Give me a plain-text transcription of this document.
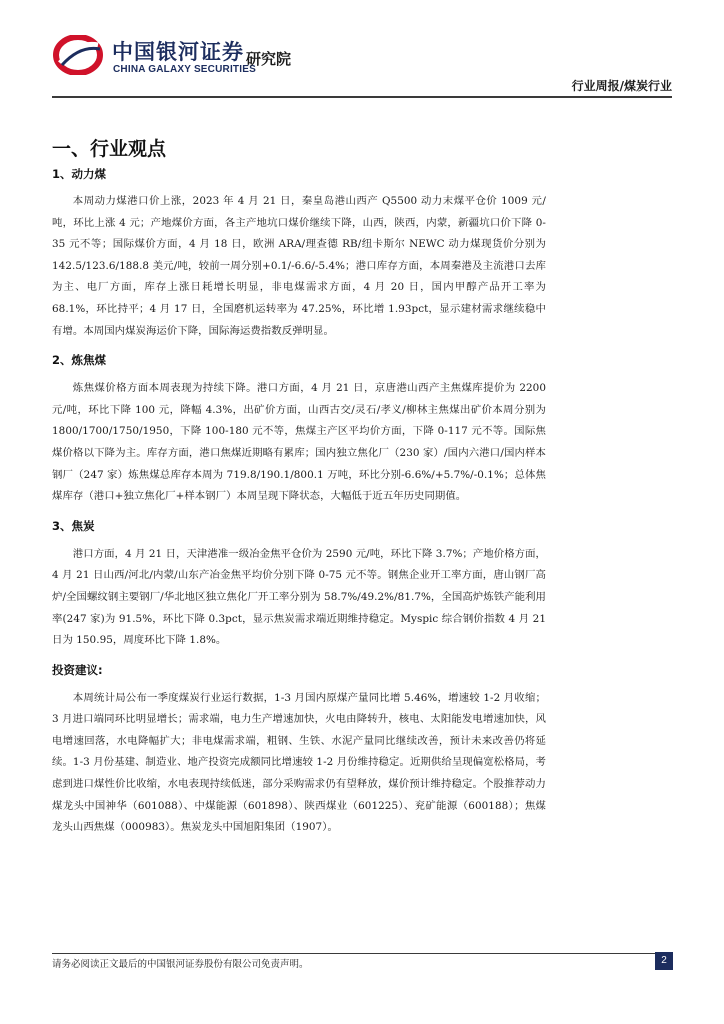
中国银河证券
CHINA GALAXY SECURITIES
研究院
行业周报/煤炭行业
一、行业观点
1、动力煤
本周动力煤港口价上涨，2023 年 4 月 21 日，秦皇岛港山西产 Q5500 动力末煤平仓价 1009 元/吨，环比上涨 4 元；产地煤价方面，各主产地坑口煤价继续下降，山西，陕西，内蒙，新疆坑口价下降 0-35 元不等；国际煤价方面，4 月 18 日，欧洲 ARA/理查德 RB/纽卡斯尔 NEWC 动力煤现货价分别为 142.5/123.6/188.8 美元/吨，较前一周分别+0.1/-6.6/-5.4%；港口库存方面，本周秦港及主流港口去库为主、电厂方面，库存上涨日耗增长明显，非电煤需求方面，4 月 20 日，国内甲醇产品开工率为 68.1%，环比持平；4 月 17 日，全国磨机运转率为 47.25%，环比增 1.93pct，显示建材需求继续稳中有增。本周国内煤炭海运价下降，国际海运费指数反弹明显。
2、炼焦煤
炼焦煤价格方面本周表现为持续下降。港口方面，4 月 21 日，京唐港山西产主焦煤库提价为 2200 元/吨，环比下降 100 元，降幅 4.3%，出矿价方面，山西古交/灵石/孝义/柳林主焦煤出矿价本周分别为 1800/1700/1750/1950，下降 100-180 元不等，焦煤主产区平均价方面，下降 0-117 元不等。国际焦煤价格以下降为主。库存方面，港口焦煤近期略有累库；国内独立焦化厂（230 家）/国内六港口/国内样本钢厂（247 家）炼焦煤总库存本周为 719.8/190.1/800.1 万吨，环比分别-6.6%/+5.7%/-0.1%；总体焦煤库存（港口+独立焦化厂+样本钢厂）本周呈现下降状态，大幅低于近五年历史同期值。
3、焦炭
港口方面，4 月 21 日，天津港准一级冶金焦平仓价为 2590 元/吨，环比下降 3.7%；产地价格方面，4 月 21 日山西/河北/内蒙/山东产冶金焦平均价分别下降 0-75 元不等。钢焦企业开工率方面，唐山钢厂高炉/全国螺纹钢主要钢厂/华北地区独立焦化厂开工率分别为 58.7%/49.2%/81.7%，全国高炉炼铁产能利用率(247 家)为 91.5%，环比下降 0.3pct，显示焦炭需求端近期维持稳定。Myspic 综合钢价指数 4 月 21 日为 150.95，周度环比下降 1.8%。
投资建议:
本周统计局公布一季度煤炭行业运行数据，1-3 月国内原煤产量同比增 5.46%，增速较 1-2 月收缩；3 月进口端同环比明显增长；需求端，电力生产增速加快，火电由降转升，核电、太阳能发电增速加快，风电增速回落，水电降幅扩大；非电煤需求端，粗钢、生铁、水泥产量同比继续改善，预计未来改善仍将延续。1-3 月份基建、制造业、地产投资完成额同比增速较 1-2 月份维持稳定。近期供给呈现偏宽松格局，考虑到进口煤性价比收缩，水电表现持续低迷，部分采购需求仍有望释放，煤价预计维持稳定。个股推荐动力煤龙头中国神华（601088）、中煤能源（601898）、陕西煤业（601225）、兖矿能源（600188）；焦煤龙头山西焦煤（000983）。焦炭龙头中国旭阳集团（1907）。
请务必阅读正文最后的中国银河证券股份有限公司免责声明。	2
